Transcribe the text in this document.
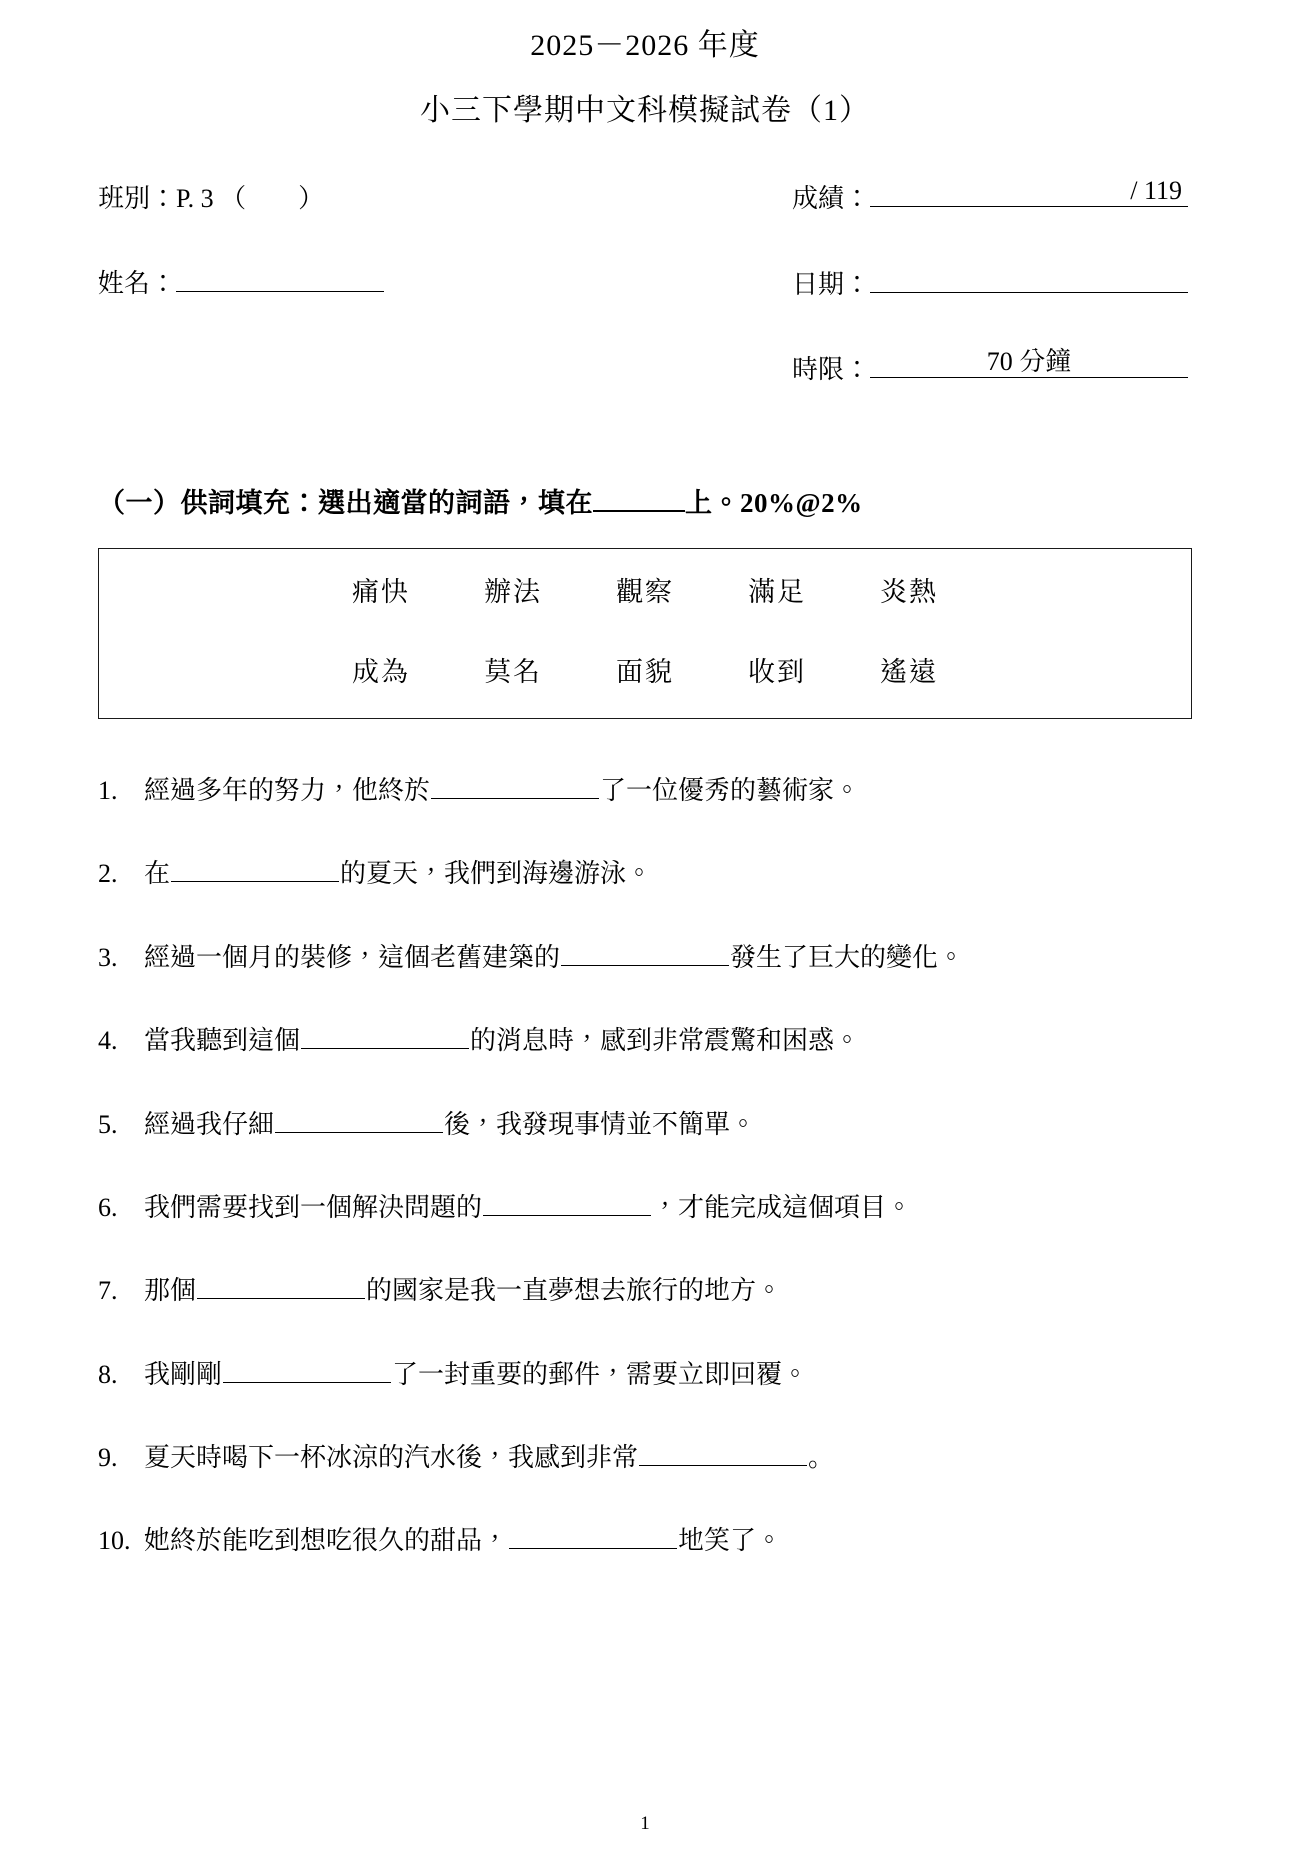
2025－2026 年度
小三下學期中文科模擬試卷（1）
班別：P. 3 （ ）
姓名：
成績：	/ 119
日期：
時限：	70 分鐘
（一）供詞填充：選出適當的詞語，填在	上。20%@2%
痛快	辦法	觀察	滿足	炎熱
成為	莫名	面貌	收到	遙遠
1.	經過多年的努力，他終於	了一位優秀的藝術家。
2.	在	的夏天，我們到海邊游泳。
3.	經過一個月的裝修，這個老舊建築的	發生了巨大的變化。
4.	當我聽到這個	的消息時，感到非常震驚和困惑。
5.	經過我仔細	後，我發現事情並不簡單。
6.	我們需要找到一個解決問題的	，才能完成這個項目。
7.	那個	的國家是我一直夢想去旅行的地方。
8.	我剛剛	了一封重要的郵件，需要立即回覆。
9.	夏天時喝下一杯冰涼的汽水後，我感到非常	。
10. 她終於能吃到想吃很久的甜品，	地笑了。
1
